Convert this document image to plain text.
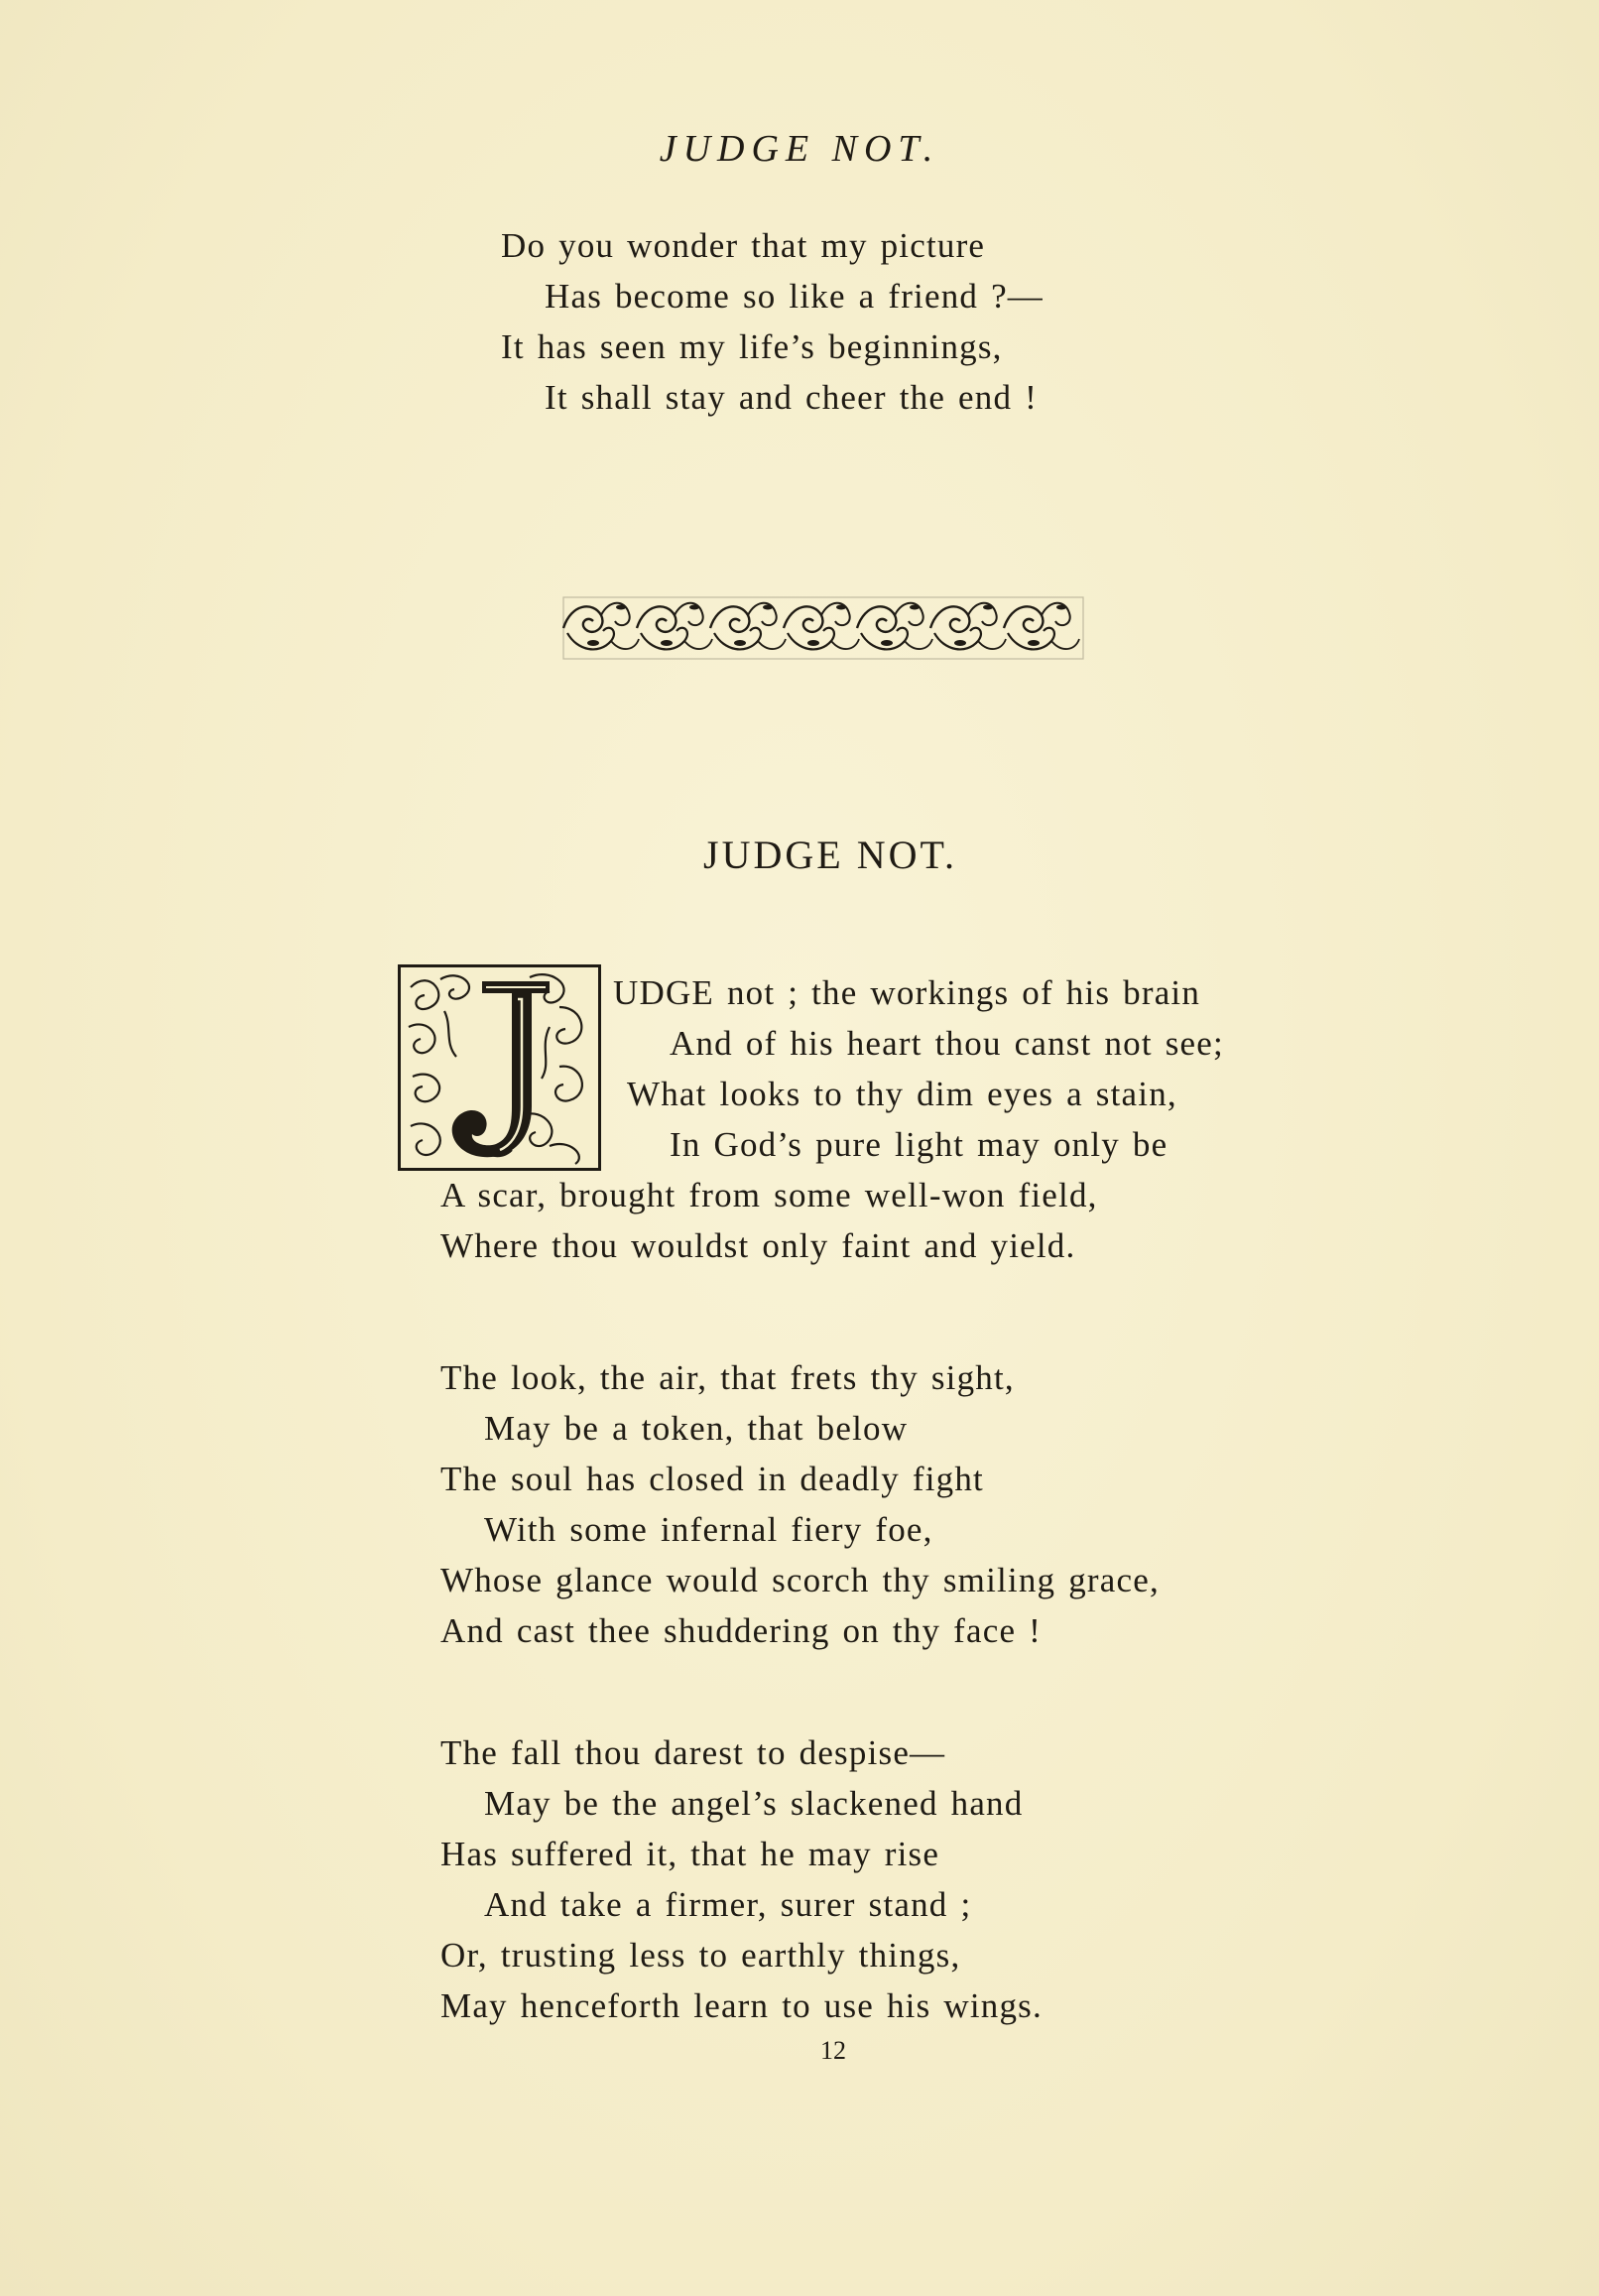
JUDGE NOT.
Do you wonder that my picture
Has become so like a friend ?—
It has seen my life’s beginnings,
It shall stay and cheer the end !
JUDGE NOT.
UDGE not ; the workings of his brain
And of his heart thou canst not see;
What looks to thy dim eyes a stain,
In God’s pure light may only be
A scar, brought from some well-won field,
Where thou wouldst only faint and yield.
The look, the air, that frets thy sight,
May be a token, that below
The soul has closed in deadly fight
With some infernal fiery foe,
Whose glance would scorch thy smiling grace,
And cast thee shuddering on thy face !
The fall thou darest to despise—
May be the angel’s slackened hand
Has suffered it, that he may rise
And take a firmer, surer stand ;
Or, trusting less to earthly things,
May henceforth learn to use his wings.
12
